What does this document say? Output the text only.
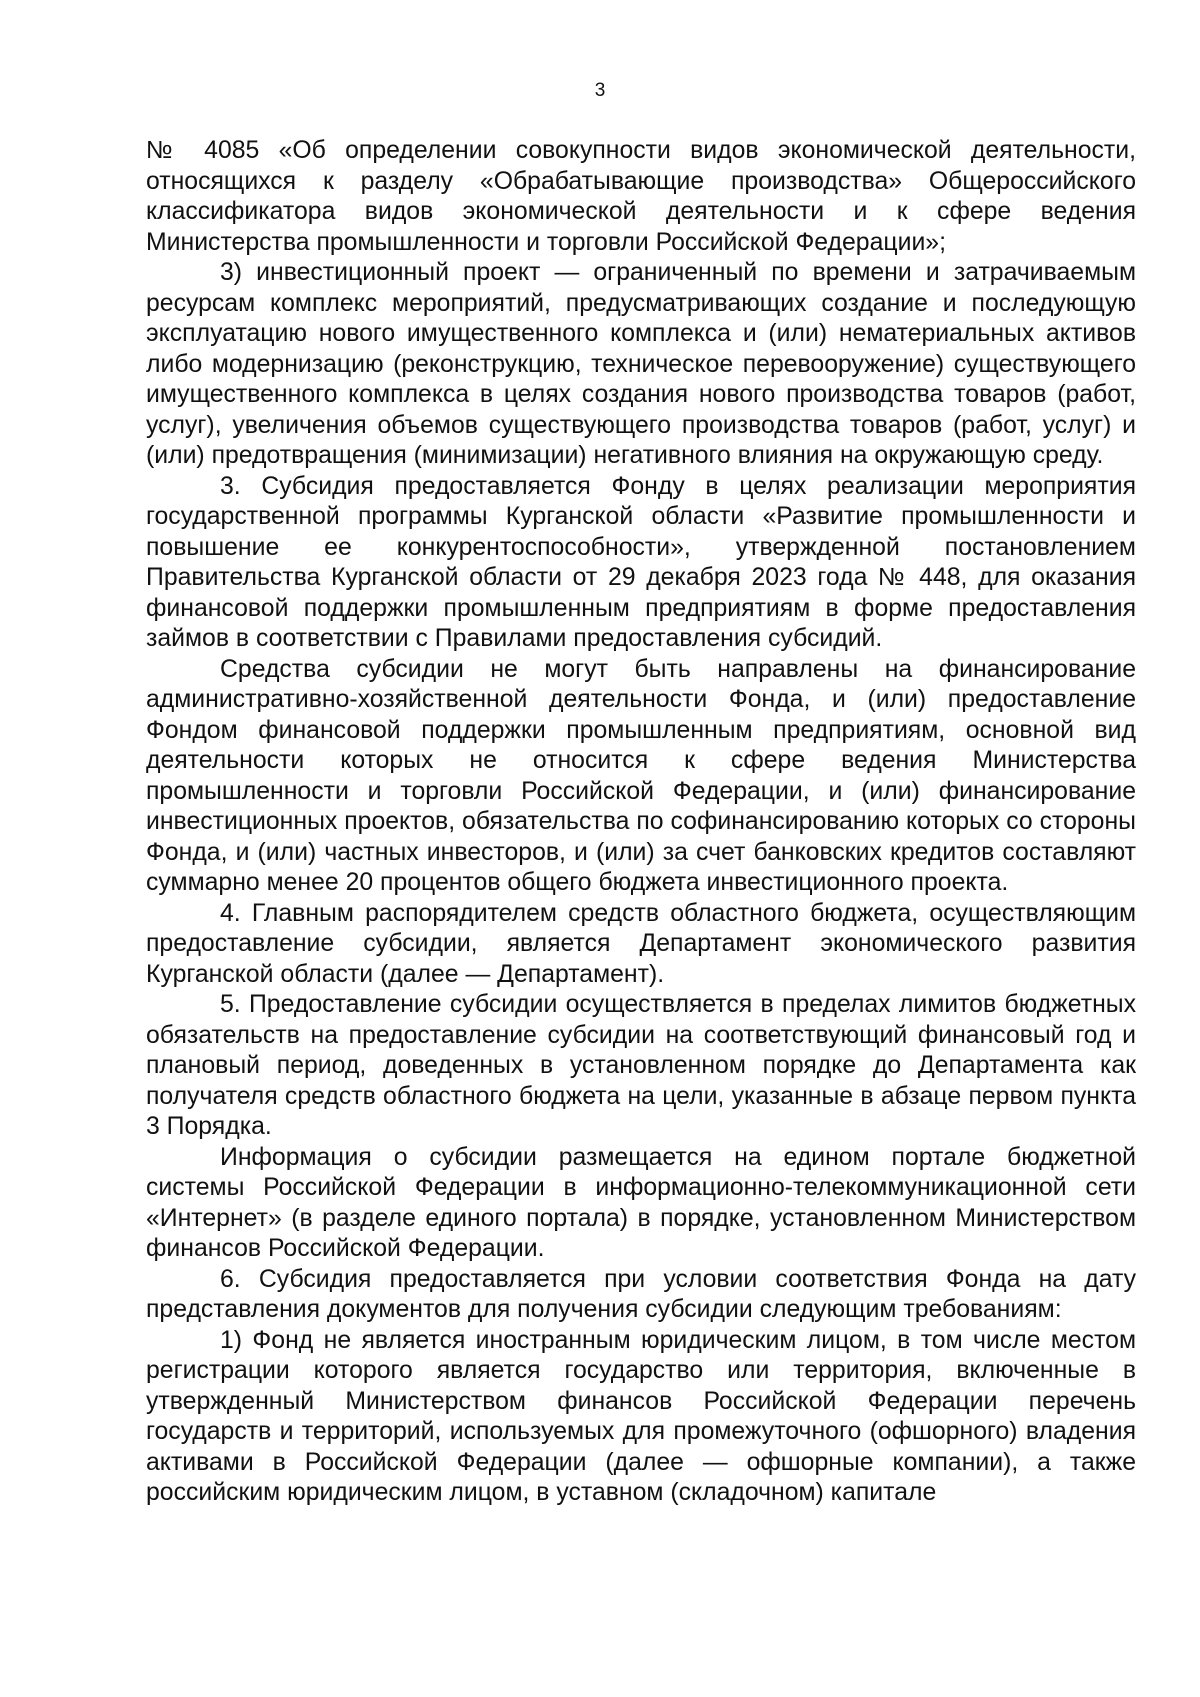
3

№ 4085 «Об определении совокупности видов экономической деятельности, относящихся к разделу «Обрабатывающие производства» Общероссийского классификатора видов экономической деятельности и к сфере ведения Министерства промышленности и торговли Российской Федерации»;

3) инвестиционный проект — ограниченный по времени и затрачиваемым ресурсам комплекс мероприятий, предусматривающих создание и последующую эксплуатацию нового имущественного комплекса и (или) нематериальных активов либо модернизацию (реконструкцию, техническое перевооружение) существующего имущественного комплекса в целях создания нового производства товаров (работ, услуг), увеличения объемов существующего производства товаров (работ, услуг) и (или) предотвращения (минимизации) негативного влияния на окружающую среду.

3. Субсидия предоставляется Фонду в целях реализации мероприятия государственной программы Курганской области «Развитие промышленности и повышение ее конкурентоспособности», утвержденной постановлением Правительства Курганской области от 29 декабря 2023 года № 448, для оказания финансовой поддержки промышленным предприятиям в форме предоставления займов в соответствии с Правилами предоставления субсидий.

Средства субсидии не могут быть направлены на финансирование административно-хозяйственной деятельности Фонда, и (или) предоставление Фондом финансовой поддержки промышленным предприятиям, основной вид деятельности которых не относится к сфере ведения Министерства промышленности и торговли Российской Федерации, и (или) финансирование инвестиционных проектов, обязательства по софинансированию которых со стороны Фонда, и (или) частных инвесторов, и (или) за счет банковских кредитов составляют суммарно менее 20 процентов общего бюджета инвестиционного проекта.

4. Главным распорядителем средств областного бюджета, осуществляющим предоставление субсидии, является Департамент экономического развития Курганской области (далее — Департамент).

5. Предоставление субсидии осуществляется в пределах лимитов бюджетных обязательств на предоставление субсидии на соответствующий финансовый год и плановый период, доведенных в установленном порядке до Департамента как получателя средств областного бюджета на цели, указанные в абзаце первом пункта 3 Порядка.

Информация о субсидии размещается на едином портале бюджетной системы Российской Федерации в информационно-телекоммуникационной сети «Интернет» (в разделе единого портала) в порядке, установленном Министерством финансов Российской Федерации.

6. Субсидия предоставляется при условии соответствия Фонда на дату представления документов для получения субсидии следующим требованиям:

1) Фонд не является иностранным юридическим лицом, в том числе местом регистрации которого является государство или территория, включенные в утвержденный Министерством финансов Российской Федерации перечень государств и территорий, используемых для промежуточного (офшорного) владения активами в Российской Федерации (далее — офшорные компании), а также российским юридическим лицом, в уставном (складочном) капитале
